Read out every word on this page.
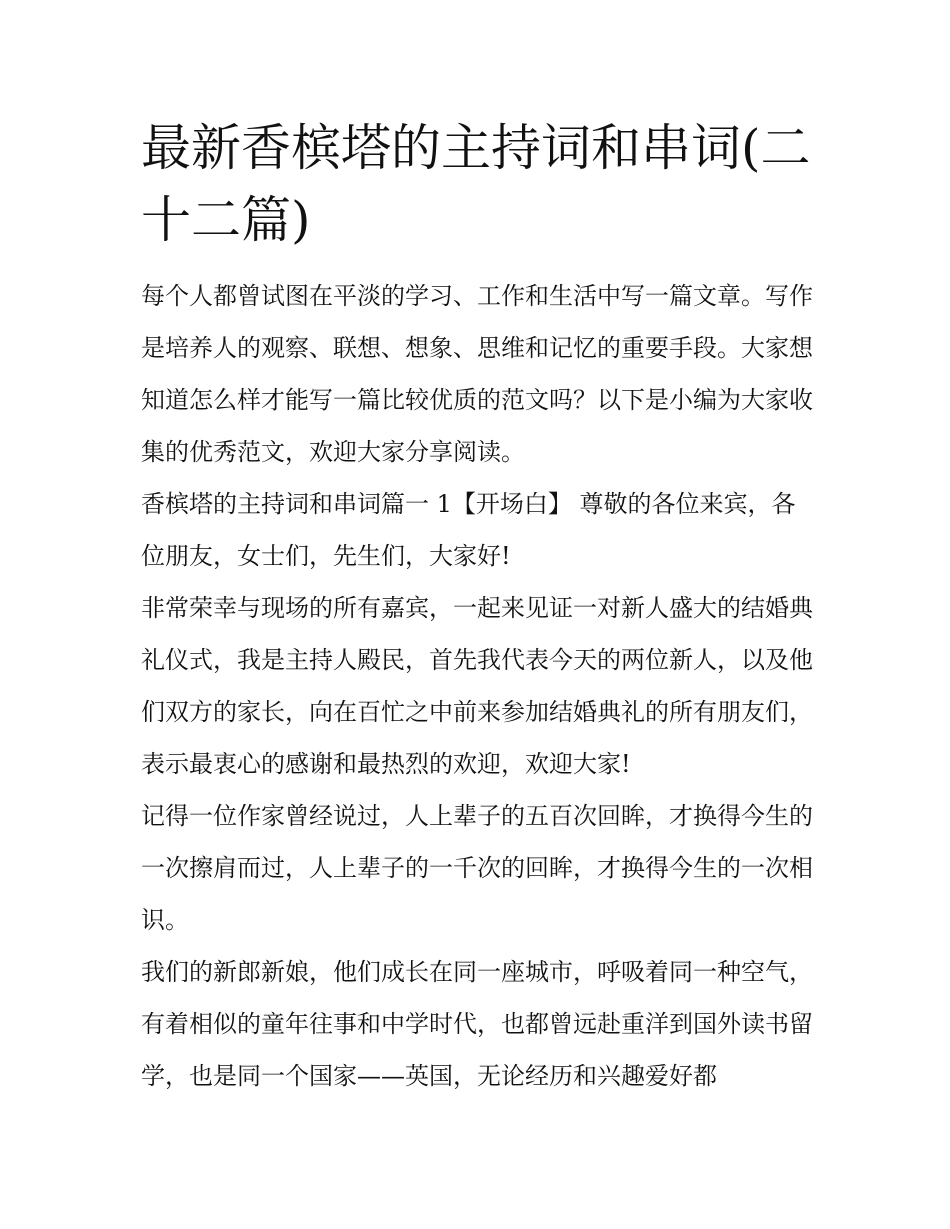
最新香槟塔的主持词和串词(二十二篇)

每个人都曾试图在平淡的学习、工作和生活中写一篇文章。写作是培养人的观察、联想、想象、思维和记忆的重要手段。大家想知道怎么样才能写一篇比较优质的范文吗？以下是小编为大家收集的优秀范文，欢迎大家分享阅读。

香槟塔的主持词和串词篇一 1【开场白】 尊敬的各位来宾，各位朋友，女士们，先生们，大家好!

非常荣幸与现场的所有嘉宾，一起来见证一对新人盛大的结婚典礼仪式，我是主持人殿民，首先我代表今天的两位新人，以及他们双方的家长，向在百忙之中前来参加结婚典礼的所有朋友们，表示最衷心的感谢和最热烈的欢迎，欢迎大家!

记得一位作家曾经说过，人上辈子的五百次回眸，才换得今生的一次擦肩而过，人上辈子的一千次的回眸，才换得今生的一次相识。

我们的新郎新娘，他们成长在同一座城市，呼吸着同一种空气，有着相似的童年往事和中学时代，也都曾远赴重洋到国外读书留学，也是同一个国家——英国，无论经历和兴趣爱好都
